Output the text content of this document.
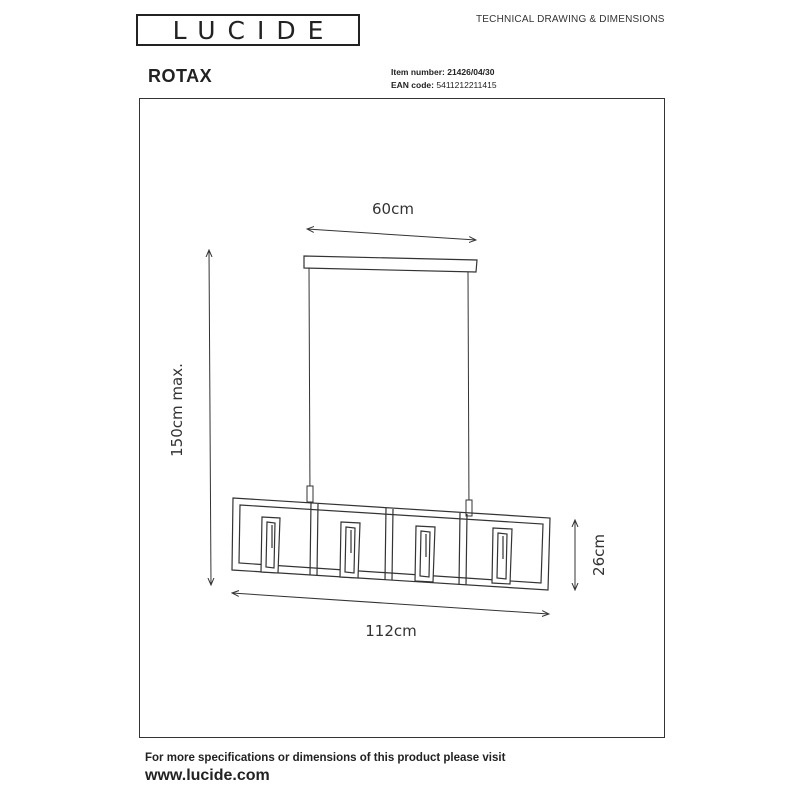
LUCIDE	TECHNICAL DRAWING & DIMENSIONS
ROTAX	Item number: 21426/04/30
EAN code: 5411212211415
60cm
150cm max.
26cm
112cm
For more specifications or dimensions of this product please visit
www.lucide.com
